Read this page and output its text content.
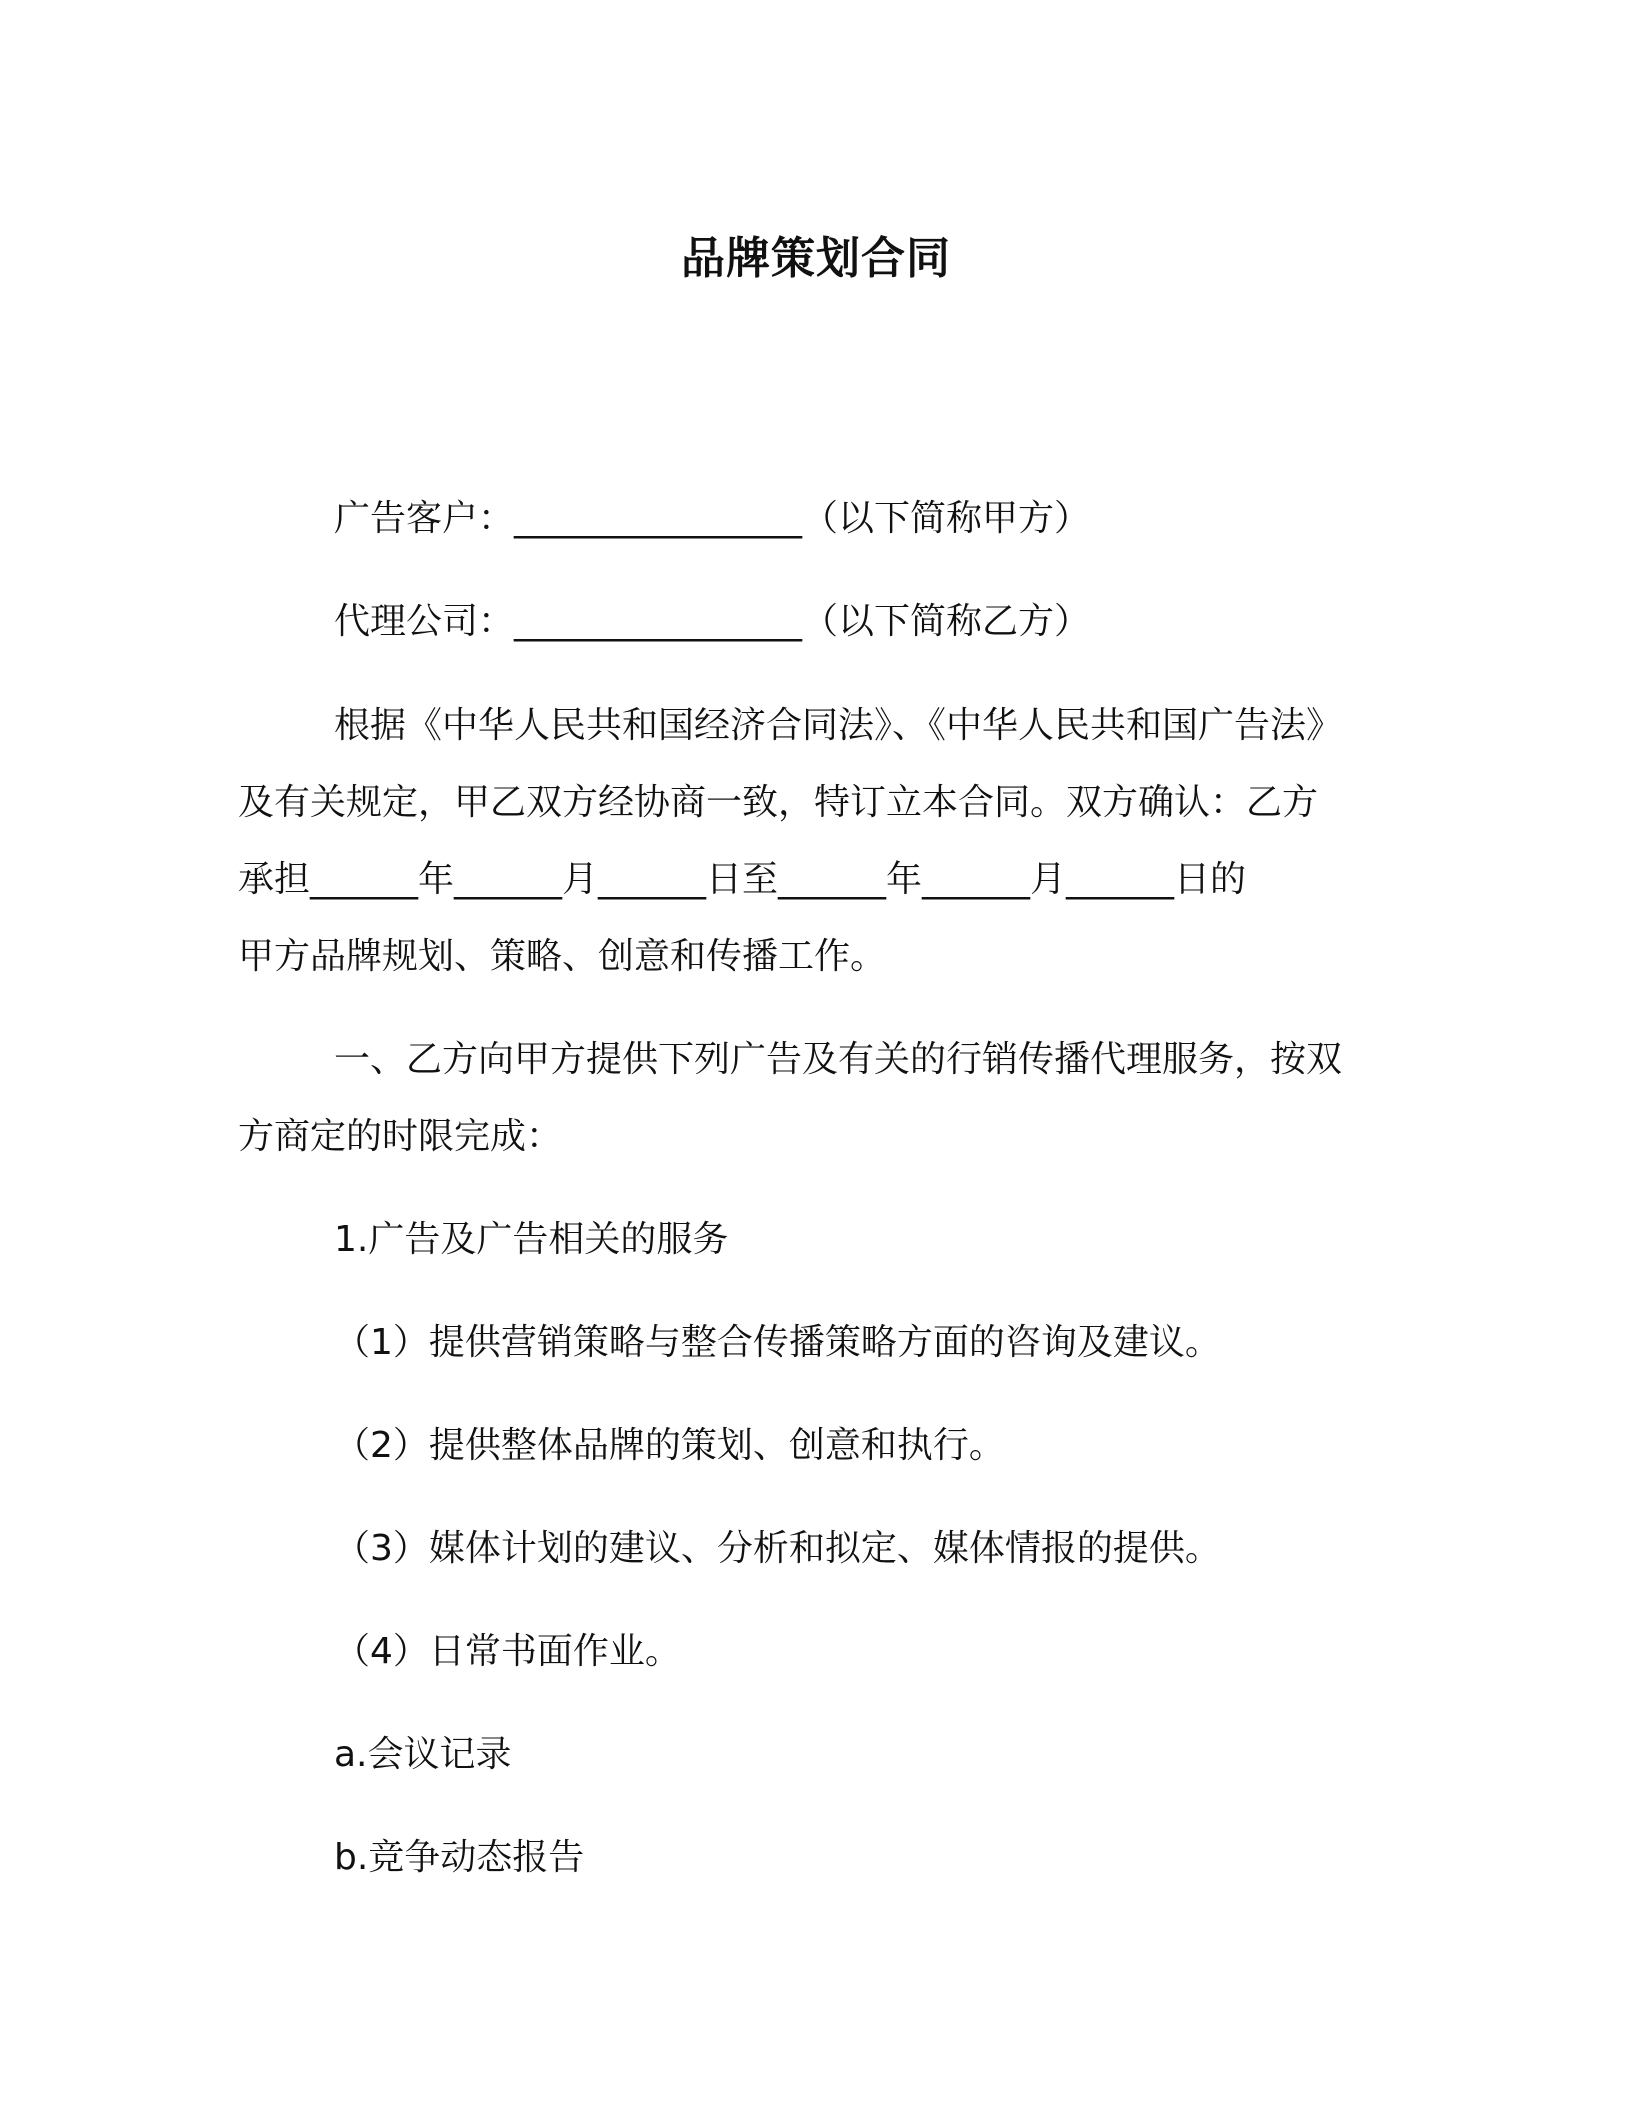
品牌策划合同
广告客户：________________（以下简称甲方）
代理公司：________________（以下简称乙方）
根据《中华人民共和国经济合同法》、《中华人民共和国广告法》
及有关规定，甲乙双方经协商一致，特订立本合同。双方确认：乙方
承担______年______月______日至______年______月______日的
甲方品牌规划、策略、创意和传播工作。
一、乙方向甲方提供下列广告及有关的行销传播代理服务，按双
方商定的时限完成：
1.广告及广告相关的服务
（1）提供营销策略与整合传播策略方面的咨询及建议。
（2）提供整体品牌的策划、创意和执行。
（3）媒体计划的建议、分析和拟定、媒体情报的提供。
（4）日常书面作业。
a.会议记录
b.竞争动态报告
